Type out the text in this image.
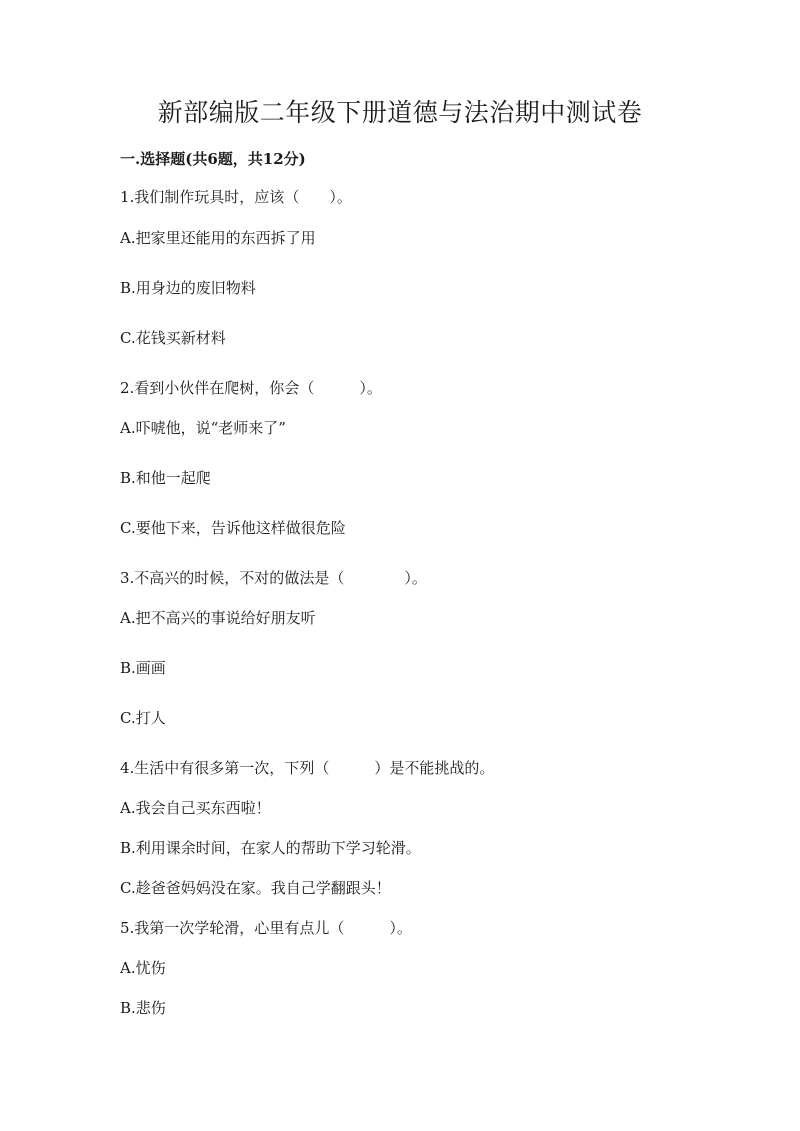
新部编版二年级下册道德与法治期中测试卷
一.选择题(共6题，共12分)
1.我们制作玩具时，应该（　　）。
A.把家里还能用的东西拆了用
B.用身边的废旧物料
C.花钱买新材料
2.看到小伙伴在爬树，你会（　　　）。
A.吓唬他，说“老师来了”
B.和他一起爬
C.要他下来，告诉他这样做很危险
3.不高兴的时候，不对的做法是（　　　　）。
A.把不高兴的事说给好朋友听
B.画画
C.打人
4.生活中有很多第一次，下列（　　　）是不能挑战的。
A.我会自己买东西啦！
B.利用课余时间，在家人的帮助下学习轮滑。
C.趁爸爸妈妈没在家。我自己学翻跟头！
5.我第一次学轮滑，心里有点儿（　　　）。
A.忧伤
B.悲伤
